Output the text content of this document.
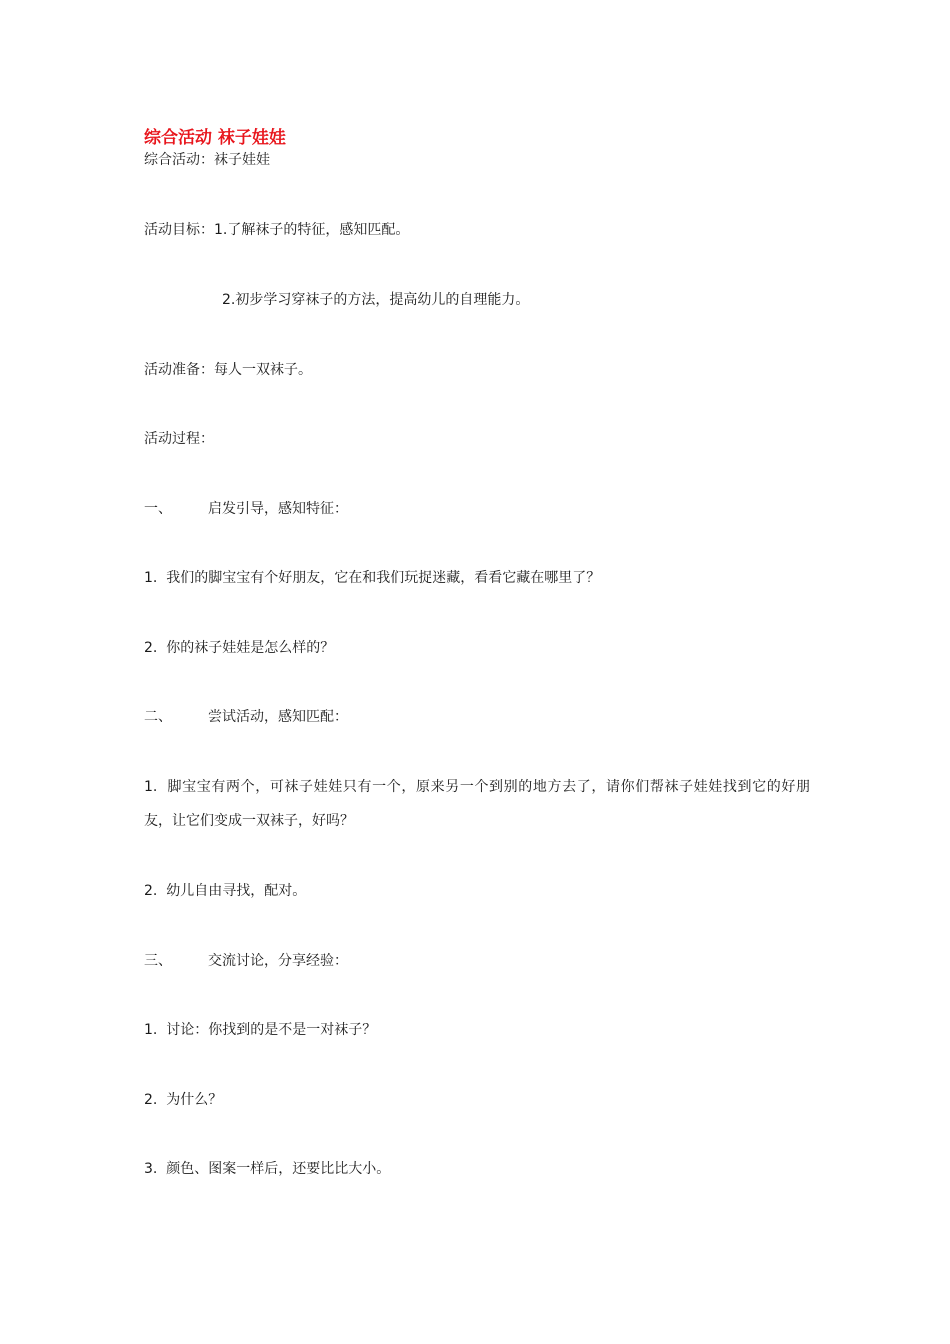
综合活动 袜子娃娃
综合活动：袜子娃娃
活动目标：1.了解袜子的特征，感知匹配。
2.初步学习穿袜子的方法，提高幼儿的自理能力。
活动准备：每人一双袜子。
活动过程：
一、	启发引导，感知特征：
1. 我们的脚宝宝有个好朋友，它在和我们玩捉迷藏，看看它藏在哪里了？
2. 你的袜子娃娃是怎么样的？
二、	尝试活动，感知匹配：
1. 脚宝宝有两个，可袜子娃娃只有一个，原来另一个到别的地方去了，请你们帮袜子娃娃找到它的好朋友，让它们变成一双袜子，好吗？
2. 幼儿自由寻找，配对。
三、	交流讨论，分享经验：
1. 讨论：你找到的是不是一对袜子？
2. 为什么？
3. 颜色、图案一样后，还要比比大小。
